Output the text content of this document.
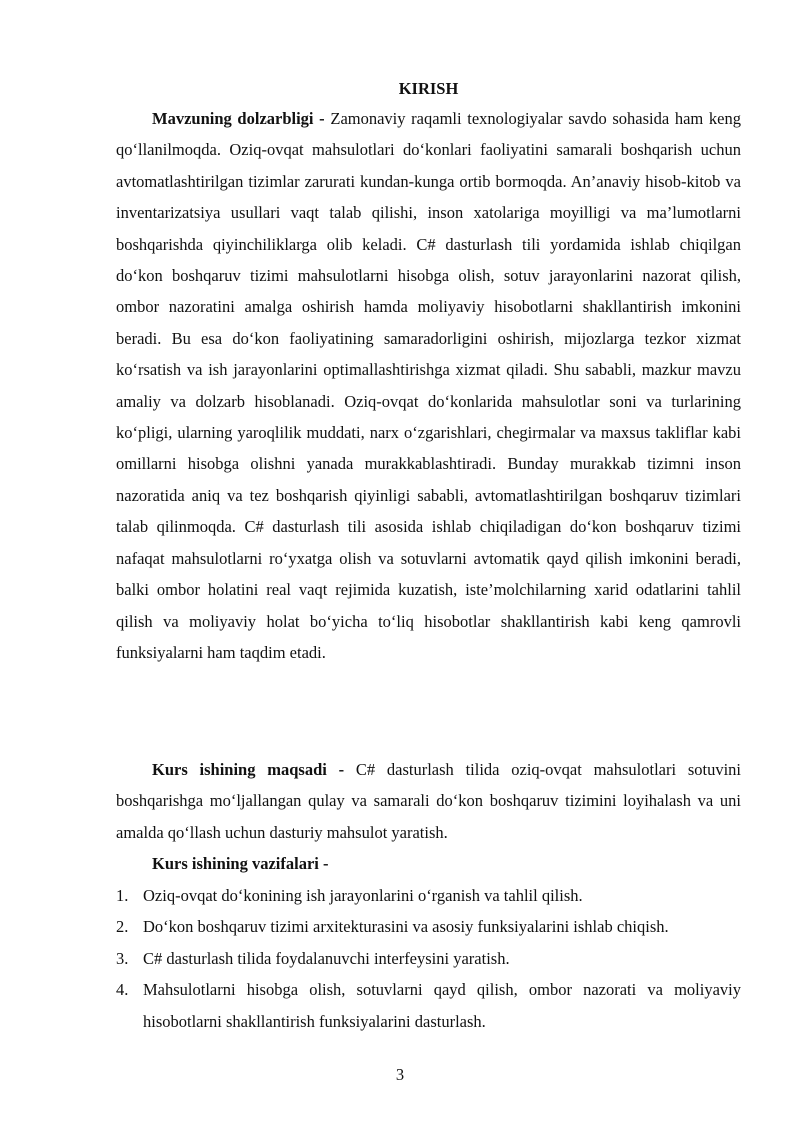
KIRISH

Mavzuning dolzarbligi - Zamonaviy raqamli texnologiyalar savdo sohasida ham keng qo‘llanilmoqda. Oziq-ovqat mahsulotlari do‘konlari faoliyatini samarali boshqarish uchun avtomatlashtirilgan tizimlar zarurati kundan-kunga ortib bormoqda. An’anaviy hisob-kitob va inventarizatsiya usullari vaqt talab qilishi, inson xatolariga moyilligi va ma’lumotlarni boshqarishda qiyinchiliklarga olib keladi. C# dasturlash tili yordamida ishlab chiqilgan do‘kon boshqaruv tizimi mahsulotlarni hisobga olish, sotuv jarayonlarini nazorat qilish, ombor nazoratini amalga oshirish hamda moliyaviy hisobotlarni shakllantirish imkonini beradi. Bu esa do‘kon faoliyatining samaradorligini oshirish, mijozlarga tezkor xizmat ko‘rsatish va ish jarayonlarini optimallashtirishga xizmat qiladi. Shu sababli, mazkur mavzu amaliy va dolzarb hisoblanadi. Oziq-ovqat do‘konlarida mahsulotlar soni va turlarining ko‘pligi, ularning yaroqlilik muddati, narx o‘zgarishlari, chegirmalar va maxsus takliflar kabi omillarni hisobga olishni yanada murakkablashtiradi. Bunday murakkab tizimni inson nazoratida aniq va tez boshqarish qiyinligi sababli, avtomatlashtirilgan boshqaruv tizimlari talab qilinmoqda. C# dasturlash tili asosida ishlab chiqiladigan do‘kon boshqaruv tizimi nafaqat mahsulotlarni ro‘yxatga olish va sotuvlarni avtomatik qayd qilish imkonini beradi, balki ombor holatini real vaqt rejimida kuzatish, iste’molchilarning xarid odatlarini tahlil qilish va moliyaviy holat bo‘yicha to‘liq hisobotlar shakllantirish kabi keng qamrovli funksiyalarni ham taqdim etadi.

Kurs ishining maqsadi - C# dasturlash tilida oziq-ovqat mahsulotlari sotuvini boshqarishga mo‘ljallangan qulay va samarali do‘kon boshqaruv tizimini loyihalash va uni amalda qo‘llash uchun dasturiy mahsulot yaratish.

Kurs ishining vazifalari -

1. Oziq-ovqat do‘konining ish jarayonlarini o‘rganish va tahlil qilish.
2. Do‘kon boshqaruv tizimi arxitekturasini va asosiy funksiyalarini ishlab chiqish.
3. C# dasturlash tilida foydalanuvchi interfeysini yaratish.
4. Mahsulotlarni hisobga olish, sotuvlarni qayd qilish, ombor nazorati va moliyaviy hisobotlarni shakllantirish funksiyalarini dasturlash.
3
